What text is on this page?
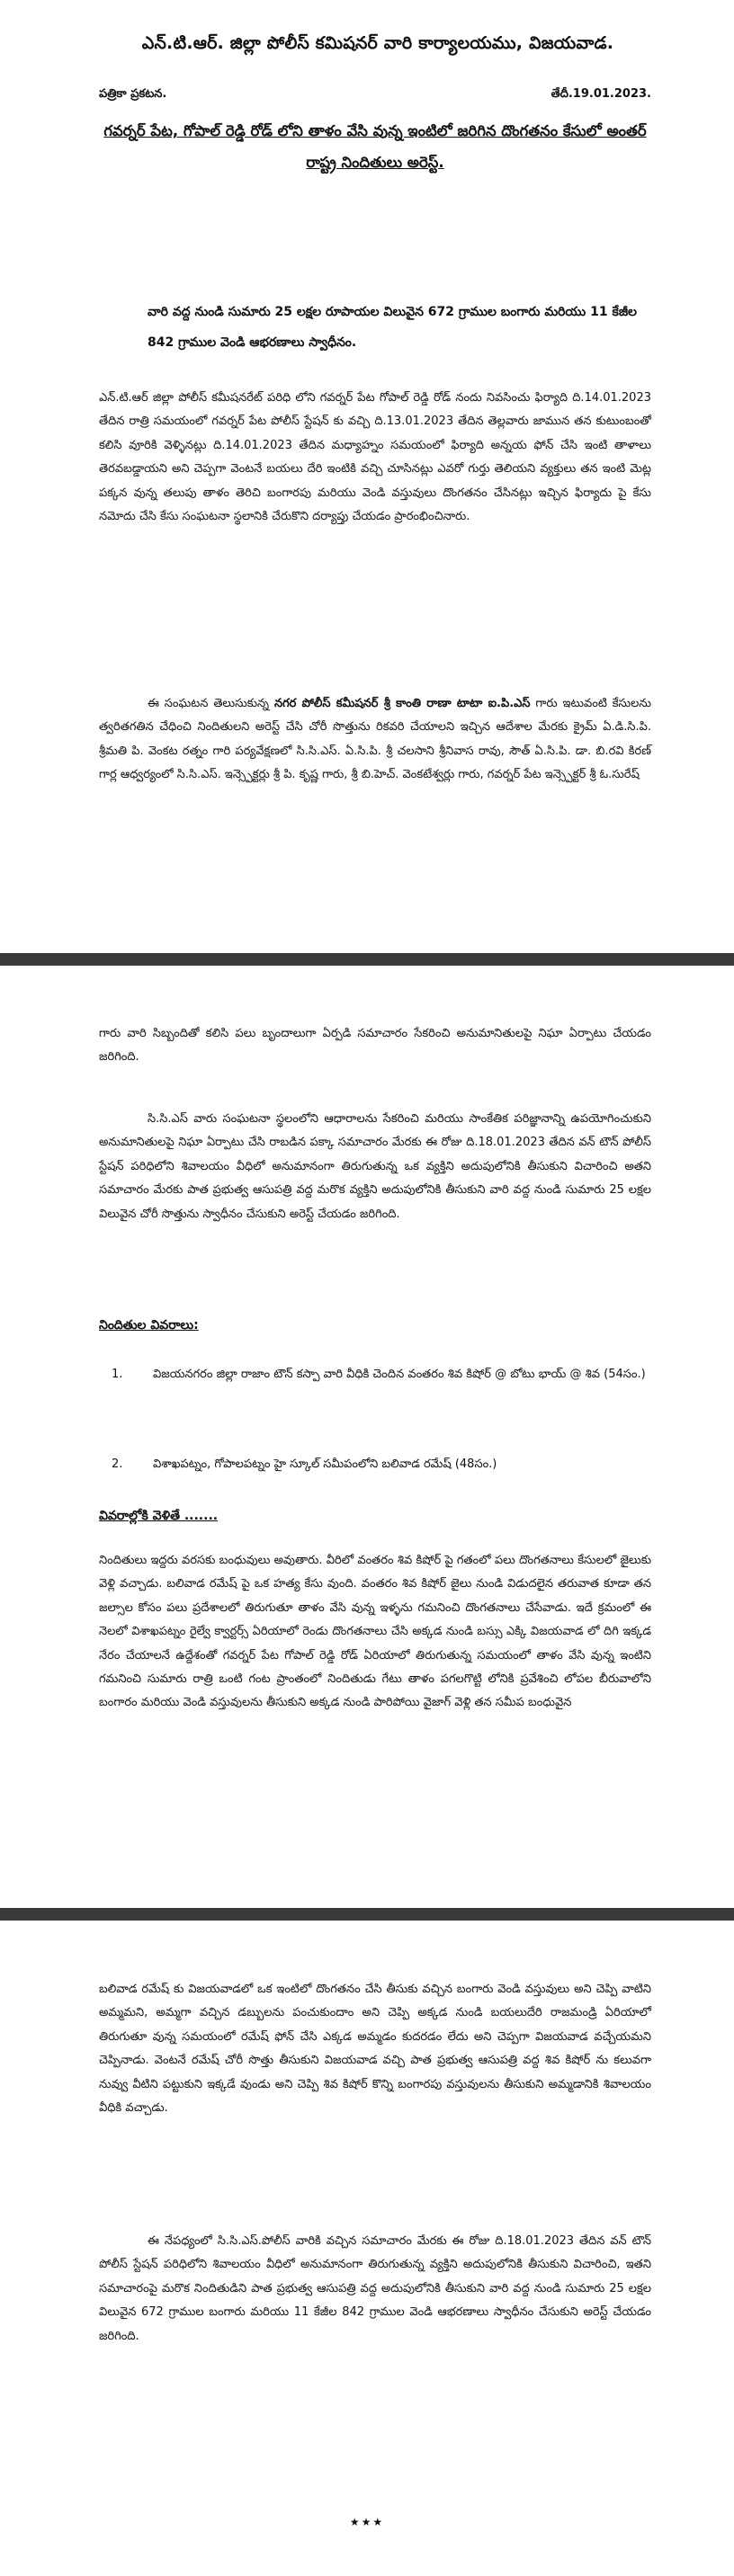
ఎన్.టి.ఆర్. జిల్లా పోలీస్ కమిషనర్ వారి కార్యాలయము, విజయవాడ.
పత్రికా ప్రకటన.	తేదీ.19.01.2023.
గవర్నర్ పేట, గోపాల్ రెడ్డి రోడ్ లోని తాళం వేసి వున్న ఇంటిలో జరిగిన దొంగతనం కేసులో అంతర్ రాష్ట్ర నిందితులు అరెస్ట్.
వారి వద్ద నుండి సుమారు 25 లక్షల రూపాయల విలువైన 672 గ్రాముల బంగారు మరియు 11 కేజీల 842 గ్రాముల వెండి ఆభరణాలు స్వాధీనం.
ఎన్.టి.ఆర్ జిల్లా పోలీస్ కమీషనరేట్ పరిధి లోని గవర్నర్ పేట గోపాల్ రెడ్డి రోడ్ నందు నివసించు ఫిర్యాది ది.14.01.2023 తేదిన రాత్రి సమయంలో గవర్నర్ పేట పోలీస్ స్టేషన్ కు వచ్చి ది.13.01.2023 తేదిన తెల్లవారు జామున తన కుటుంబంతో కలిసి వూరికి వెళ్ళినట్లు ది.14.01.2023 తేదిన మధ్యాహ్నం సమయంలో ఫిర్యాది అన్నయ ఫోన్ చేసి ఇంటి తాళాలు తెరవబడ్డాయని అని చెప్పగా వెంటనే బయలు దేరి ఇంటికి వచ్చి చూసినట్లు ఎవరో గుర్తు తెలియని వ్యక్తులు తన ఇంటి మెట్ల పక్కన వున్న తలుపు తాళం తెరిచి బంగారపు మరియు వెండి వస్తువులు దొంగతనం చేసినట్లు ఇచ్చిన ఫిర్యాదు పై కేసు నమోదు చేసి కేసు సంఘటనా స్థలానికి చేరుకొని దర్యాప్తు చేయడం ప్రారంభించినారు.
ఈ సంఘటన తెలుసుకున్న నగర పోలీస్ కమీషనర్ శ్రీ కాంతి రాణా టాటా ఐ.పి.ఎస్ గారు ఇటువంటి కేసులను త్వరితగతిన చేధించి నిందితులని అరెస్ట్ చేసి చోరీ సొత్తును రికవరి చేయాలని ఇచ్చిన ఆదేశాల మేరకు క్రైమ్ ఏ.డి.సి.పి. శ్రీమతి పి. వెంకట రత్నం గారి పర్యవేక్షణలో సి.సి.ఎస్. ఏ.సి.పి. శ్రీ చలసాని శ్రీనివాస రావు, సౌత్ ఏ.సి.పి. డా. బి.రవి కిరణ్ గార్ల ఆధ్వర్యంలో సి.సి.ఎస్. ఇన్స్పెక్టర్లు శ్రీ పి. కృష్ణ గారు, శ్రీ బి.హెచ్. వెంకటేశ్వర్లు గారు, గవర్నర్ పేట ఇన్స్పెక్టర్ శ్రీ ఓ.సురేష్
గారు వారి సిబ్బందితో కలిసి పలు బృందాలుగా ఏర్పడి సమాచారం సేకరించి అనుమానితులపై నిఘా ఏర్పాటు చేయడం జరిగింది.
సి.సి.ఎస్ వారు సంఘటనా స్థలంలోని ఆధారాలను సేకరించి మరియు సాంకేతిక పరిజ్ఞానాన్ని ఉపయోగించుకుని అనుమానితులపై నిఘా ఏర్పాటు చేసి రాబడిన పక్కా సమాచారం మేరకు ఈ రోజు ది.18.01.2023 తేదిన వన్ టౌన్ పోలీస్ స్టేషన్ పరిధిలోని శివాలయం వీధిలో అనుమానంగా తిరుగుతున్న ఒక వ్యక్తిని అదుపులోనికి తీసుకుని విచారించి అతని సమాచారం మేరకు పాత ప్రభుత్వ ఆసుపత్రి వద్ద మరొక వ్యక్తిని అదుపులోనికి తీసుకుని వారి వద్ద నుండి సుమారు 25 లక్షల విలువైన చోరీ సొత్తును స్వాధీనం చేసుకుని అరెస్ట్ చేయడం జరిగింది.
నిందితుల వివరాలు:
1.	విజయనగరం జిల్లా రాజాం టౌన్ కస్పా వారి వీధికి చెందిన వంతరం శివ కిషోర్ @ బోటు భాయ్ @ శివ (54సం.)
2.	విశాఖపట్నం, గోపాలపట్నం హై స్కూల్ సమీపంలోని బలివాడ రమేష్ (48సం.)
వివరాల్లోకి వెళితే .......
నిందితులు ఇద్దరు వరసకు బంధువులు అవుతారు. వీరిలో వంతరం శివ కిషోర్ పై గతంలో పలు దొంగతనాలు కేసులలో జైలుకు వెళ్లి వచ్చాడు. బలివాడ రమేష్ పై ఒక హత్య కేసు వుంది. వంతరం శివ కిషోర్ జైలు నుండి విడుదలైన తరువాత కూడా తన జల్సాల కోసం పలు ప్రదేశాలలో తిరుగుతూ తాళం వేసి వున్న ఇళ్ళను గమనించి దొంగతనాలు చేసేవాడు. ఇదే క్రమంలో ఈ నెలలో విశాఖపట్నం రైల్వే క్వార్టర్స్ ఏరియాలో రెండు దొంగతనాలు చేసి అక్కడ నుండి బస్సు ఎక్కి విజయవాడ లో దిగి ఇక్కడ నేరం చేయాలనే ఉద్దేశంతో గవర్నర్ పేట గోపాల్ రెడ్డి రోడ్ ఏరియాలో తిరుగుతున్న సమయంలో తాళం వేసి వున్న ఇంటిని గమనించి సుమారు రాత్రి ఒంటి గంట ప్రాంతంలో నిందితుడు గేటు తాళం పగలగొట్టి లోనికి ప్రవేశించి లోపల బీరువాలోని బంగారం మరియు వెండి వస్తువులను తీసుకుని అక్కడ నుండి పారిపోయి వైజాగ్ వెళ్లి తన సమీప బంధువైన
బలివాడ రమేష్ కు విజయవాడలో ఒక ఇంటిలో దొంగతనం చేసి తీసుకు వచ్చిన బంగారు వెండి వస్తువులు అని చెప్పి వాటిని అమ్మమని, అమ్మగా వచ్చిన డబ్బులను పంచుకుందాం అని చెప్పి అక్కడ నుండి బయలుదేరి రాజమండ్రి ఏరియాలో తిరుగుతూ వున్న సమయంలో రమేష్ ఫోన్ చేసి ఎక్కడ అమ్మడం కుదరడం లేదు అని చెప్పగా విజయవాడ వచ్చేయమని చెప్పినాడు. వెంటనే రమేష్ చోరీ సొత్తు తీసుకుని విజయవాడ వచ్చి పాత ప్రభుత్వ ఆసుపత్రి వద్ద శివ కిషోర్ ను కలువగా నువ్వు వీటిని పట్టుకుని ఇక్కడే వుండు అని చెప్పి శివ కిషోర్ కొన్ని బంగారపు వస్తువులను తీసుకుని అమ్మడానికి శివాలయం వీధికి వచ్చాడు.
ఈ నేపధ్యంలో సి.సి.ఎస్.పోలీస్ వారికి వచ్చిన సమాచారం మేరకు ఈ రోజు ది.18.01.2023 తేదిన వన్ టౌన్ పోలీస్ స్టేషన్ పరిధిలోని శివాలయం వీధిలో అనుమానంగా తిరుగుతున్న వ్యక్తిని అదుపులోనికి తీసుకుని విచారించి, ఇతని సమాచారంపై మరొక నిందితుడిని పాత ప్రభుత్వ ఆసుపత్రి వద్ద అదుపులోనికి తీసుకుని వారి వద్ద నుండి సుమారు 25 లక్షల విలువైన 672 గ్రాముల బంగారు మరియు 11 కేజీల 842 గ్రాముల వెండి ఆభరణాలు స్వాధీనం చేసుకుని అరెస్ట్ చేయడం జరిగింది.
★★★
